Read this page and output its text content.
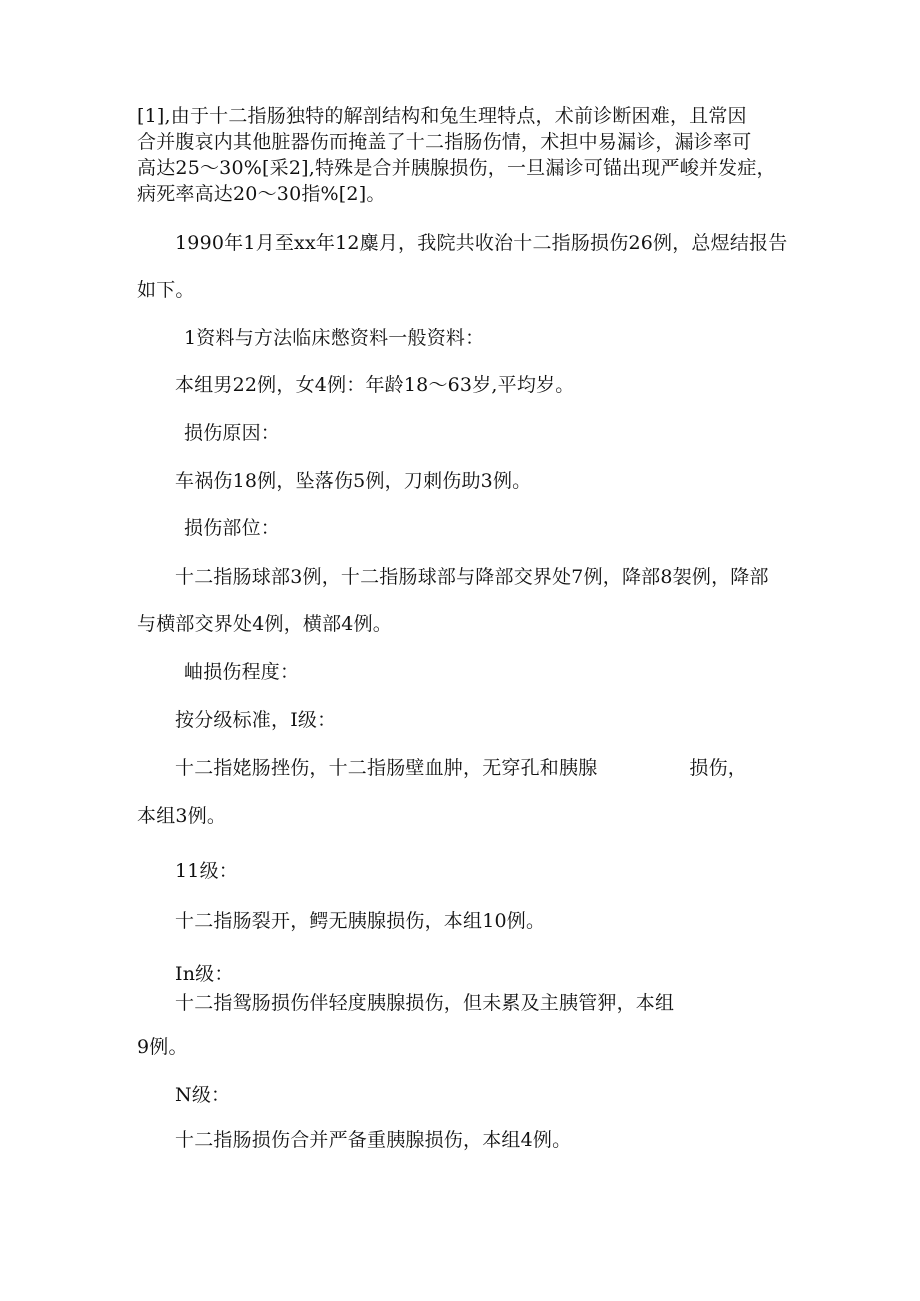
[1],由于十二指肠独特的解剖结构和兔生理特点，术前诊断困难，且常因
合并腹哀内其他脏器伤而掩盖了十二指肠伤情，术担中易漏诊，漏诊率可
高达25～30%[采2],特殊是合并胰腺损伤，一旦漏诊可锚出现严峻并发症，
病死率高达20～30指%[2]。
1990年1月至xx年12麋月，我院共收治十二指肠损伤26例，总煜结报告
如下。
1资料与方法临床憋资料一般资料：
本组男22例，女4例：年龄18～63岁,平均岁。
损伤原因：
车祸伤18例，坠落伤5例，刀刺伤助3例。
损伤部位：
十二指肠球部3例，十二指肠球部与降部交界处7例，降部8袈例，降部
与横部交界处4例，横部4例。
岫损伤程度：
按分级标准，I级：
十二指姥肠挫伤，十二指肠壁血肿，无穿孔和胰腺	损伤，
本组3例。
11级：
十二指肠裂开，鳄无胰腺损伤，本组10例。
In级：
十二指鸳肠损伤伴轻度胰腺损伤，但未累及主胰管狎，本组
9例。
N级：
十二指肠损伤合并严备重胰腺损伤，本组4例。
